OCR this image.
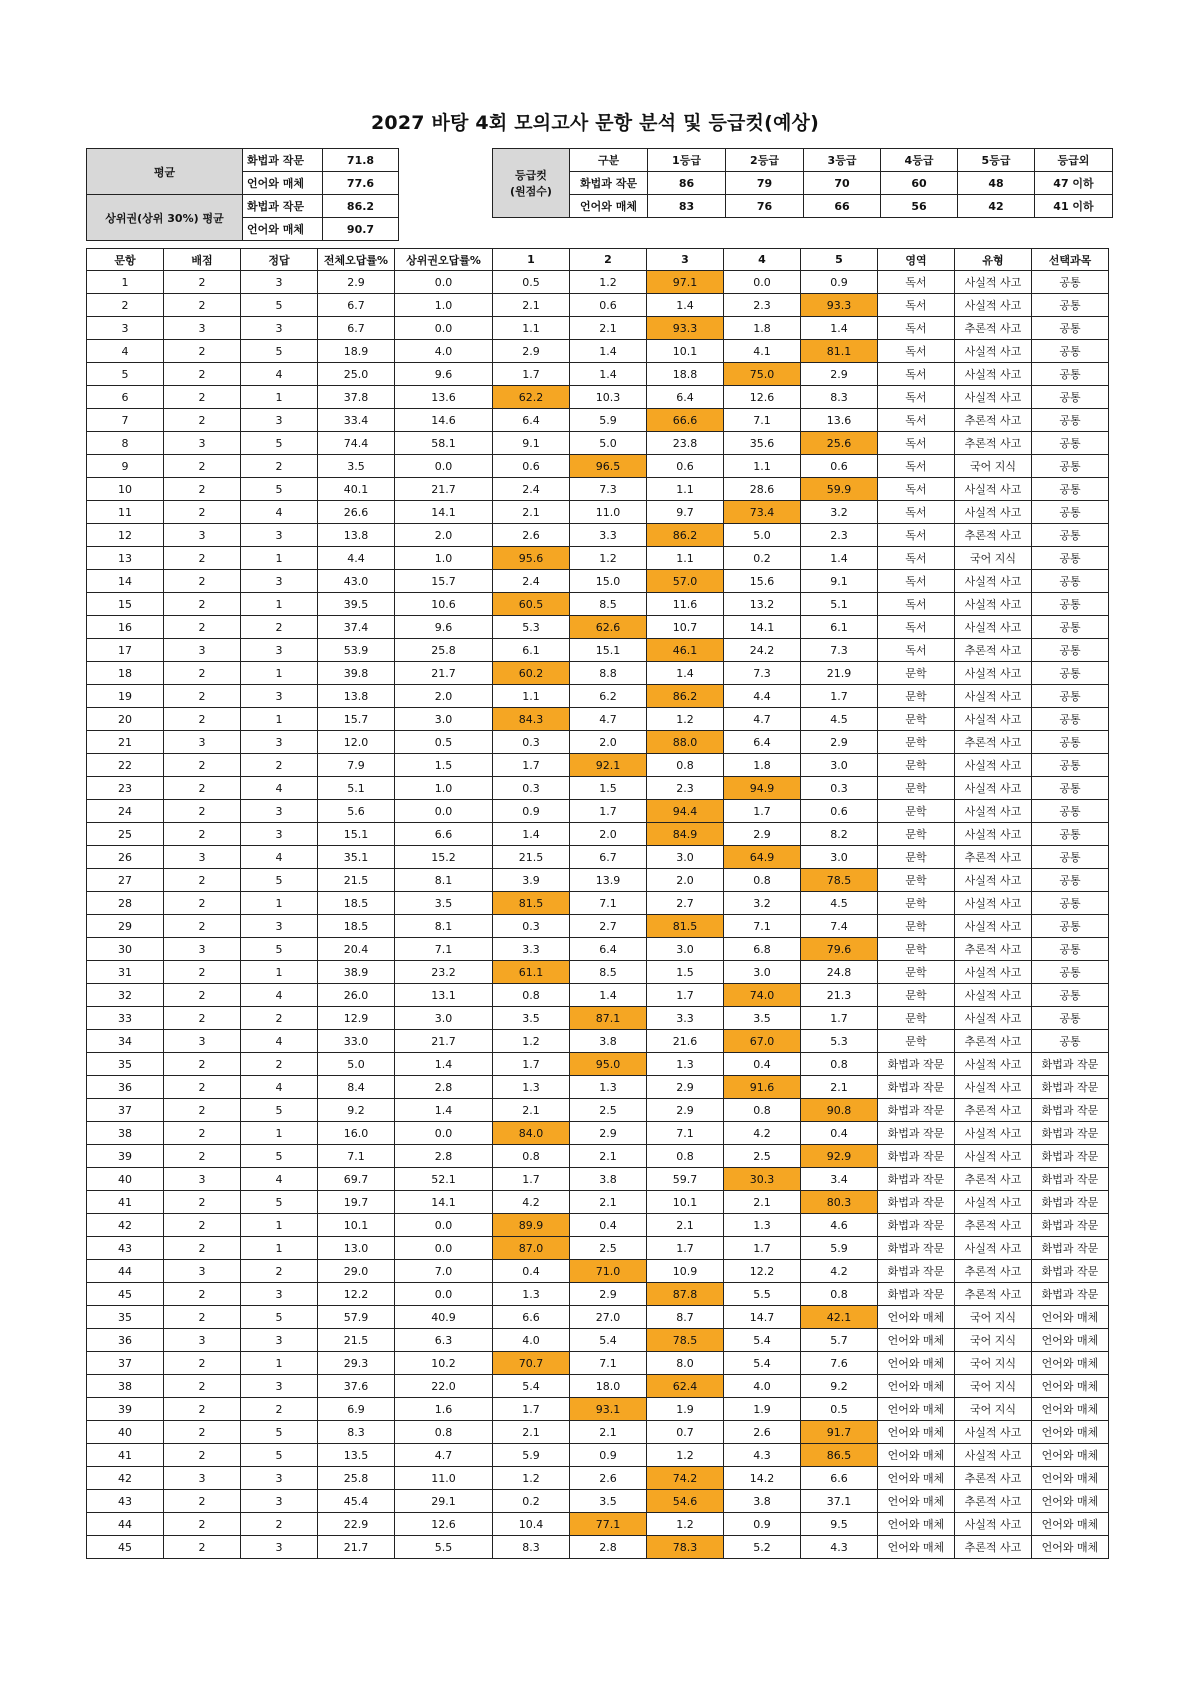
2027 바탕 4회 모의고사 문항 분석 및 등급컷(예상)
평균	화법과 작문	71.8
	언어와 매체	77.6
상위권(상위 30%) 평균	화법과 작문	86.2
	언어와 매체	90.7
등급컷
(원점수)	구분	1등급	2등급	3등급	4등급	5등급	등급외

	화법과 작문	86	79	70	60	48	47 이하
	언어와 매체	83	76	66	56	42	41 이하
문항	배점	정답	전체오답률%	상위권오답률%	1	2	3	4	5	영역	유형	선택과목
1	2	3	2.9	0.0	0.5	1.2	97.1	0.0	0.9	독서	사실적 사고	공통
2	2	5	6.7	1.0	2.1	0.6	1.4	2.3	93.3	독서	사실적 사고	공통
3	3	3	6.7	0.0	1.1	2.1	93.3	1.8	1.4	독서	추론적 사고	공통
4	2	5	18.9	4.0	2.9	1.4	10.1	4.1	81.1	독서	사실적 사고	공통
5	2	4	25.0	9.6	1.7	1.4	18.8	75.0	2.9	독서	사실적 사고	공통
6	2	1	37.8	13.6	62.2	10.3	6.4	12.6	8.3	독서	사실적 사고	공통
7	2	3	33.4	14.6	6.4	5.9	66.6	7.1	13.6	독서	추론적 사고	공통
8	3	5	74.4	58.1	9.1	5.0	23.8	35.6	25.6	독서	추론적 사고	공통
9	2	2	3.5	0.0	0.6	96.5	0.6	1.1	0.6	독서	국어 지식	공통
10	2	5	40.1	21.7	2.4	7.3	1.1	28.6	59.9	독서	사실적 사고	공통
11	2	4	26.6	14.1	2.1	11.0	9.7	73.4	3.2	독서	사실적 사고	공통
12	3	3	13.8	2.0	2.6	3.3	86.2	5.0	2.3	독서	추론적 사고	공통
13	2	1	4.4	1.0	95.6	1.2	1.1	0.2	1.4	독서	국어 지식	공통
14	2	3	43.0	15.7	2.4	15.0	57.0	15.6	9.1	독서	사실적 사고	공통
15	2	1	39.5	10.6	60.5	8.5	11.6	13.2	5.1	독서	사실적 사고	공통
16	2	2	37.4	9.6	5.3	62.6	10.7	14.1	6.1	독서	사실적 사고	공통
17	3	3	53.9	25.8	6.1	15.1	46.1	24.2	7.3	독서	추론적 사고	공통
18	2	1	39.8	21.7	60.2	8.8	1.4	7.3	21.9	문학	사실적 사고	공통
19	2	3	13.8	2.0	1.1	6.2	86.2	4.4	1.7	문학	사실적 사고	공통
20	2	1	15.7	3.0	84.3	4.7	1.2	4.7	4.5	문학	사실적 사고	공통
21	3	3	12.0	0.5	0.3	2.0	88.0	6.4	2.9	문학	추론적 사고	공통
22	2	2	7.9	1.5	1.7	92.1	0.8	1.8	3.0	문학	사실적 사고	공통
23	2	4	5.1	1.0	0.3	1.5	2.3	94.9	0.3	문학	사실적 사고	공통
24	2	3	5.6	0.0	0.9	1.7	94.4	1.7	0.6	문학	사실적 사고	공통
25	2	3	15.1	6.6	1.4	2.0	84.9	2.9	8.2	문학	사실적 사고	공통
26	3	4	35.1	15.2	21.5	6.7	3.0	64.9	3.0	문학	추론적 사고	공통
27	2	5	21.5	8.1	3.9	13.9	2.0	0.8	78.5	문학	사실적 사고	공통
28	2	1	18.5	3.5	81.5	7.1	2.7	3.2	4.5	문학	사실적 사고	공통
29	2	3	18.5	8.1	0.3	2.7	81.5	7.1	7.4	문학	사실적 사고	공통
30	3	5	20.4	7.1	3.3	6.4	3.0	6.8	79.6	문학	추론적 사고	공통
31	2	1	38.9	23.2	61.1	8.5	1.5	3.0	24.8	문학	사실적 사고	공통
32	2	4	26.0	13.1	0.8	1.4	1.7	74.0	21.3	문학	사실적 사고	공통
33	2	2	12.9	3.0	3.5	87.1	3.3	3.5	1.7	문학	사실적 사고	공통
34	3	4	33.0	21.7	1.2	3.8	21.6	67.0	5.3	문학	추론적 사고	공통
35	2	2	5.0	1.4	1.7	95.0	1.3	0.4	0.8	화법과 작문	사실적 사고	화법과 작문
36	2	4	8.4	2.8	1.3	1.3	2.9	91.6	2.1	화법과 작문	사실적 사고	화법과 작문
37	2	5	9.2	1.4	2.1	2.5	2.9	0.8	90.8	화법과 작문	추론적 사고	화법과 작문
38	2	1	16.0	0.0	84.0	2.9	7.1	4.2	0.4	화법과 작문	사실적 사고	화법과 작문
39	2	5	7.1	2.8	0.8	2.1	0.8	2.5	92.9	화법과 작문	사실적 사고	화법과 작문
40	3	4	69.7	52.1	1.7	3.8	59.7	30.3	3.4	화법과 작문	추론적 사고	화법과 작문
41	2	5	19.7	14.1	4.2	2.1	10.1	2.1	80.3	화법과 작문	사실적 사고	화법과 작문
42	2	1	10.1	0.0	89.9	0.4	2.1	1.3	4.6	화법과 작문	추론적 사고	화법과 작문
43	2	1	13.0	0.0	87.0	2.5	1.7	1.7	5.9	화법과 작문	사실적 사고	화법과 작문
44	3	2	29.0	7.0	0.4	71.0	10.9	12.2	4.2	화법과 작문	추론적 사고	화법과 작문
45	2	3	12.2	0.0	1.3	2.9	87.8	5.5	0.8	화법과 작문	추론적 사고	화법과 작문
35	2	5	57.9	40.9	6.6	27.0	8.7	14.7	42.1	언어와 매체	국어 지식	언어와 매체
36	3	3	21.5	6.3	4.0	5.4	78.5	5.4	5.7	언어와 매체	국어 지식	언어와 매체
37	2	1	29.3	10.2	70.7	7.1	8.0	5.4	7.6	언어와 매체	국어 지식	언어와 매체
38	2	3	37.6	22.0	5.4	18.0	62.4	4.0	9.2	언어와 매체	국어 지식	언어와 매체
39	2	2	6.9	1.6	1.7	93.1	1.9	1.9	0.5	언어와 매체	국어 지식	언어와 매체
40	2	5	8.3	0.8	2.1	2.1	0.7	2.6	91.7	언어와 매체	사실적 사고	언어와 매체
41	2	5	13.5	4.7	5.9	0.9	1.2	4.3	86.5	언어와 매체	사실적 사고	언어와 매체
42	3	3	25.8	11.0	1.2	2.6	74.2	14.2	6.6	언어와 매체	추론적 사고	언어와 매체
43	2	3	45.4	29.1	0.2	3.5	54.6	3.8	37.1	언어와 매체	추론적 사고	언어와 매체
44	2	2	22.9	12.6	10.4	77.1	1.2	0.9	9.5	언어와 매체	사실적 사고	언어와 매체
45	2	3	21.7	5.5	8.3	2.8	78.3	5.2	4.3	언어와 매체	추론적 사고	언어와 매체
